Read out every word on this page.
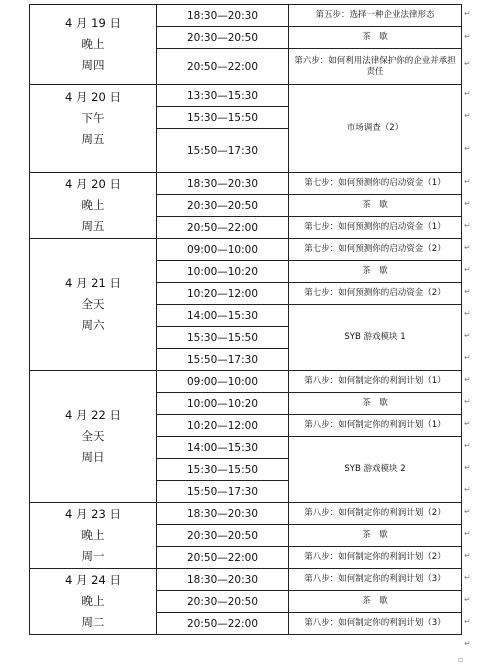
4 月 19 日
晚上
周四	18:30—20:30	第五步：选择一种企业法律形态
	20:30—20:50	茶　歇
	20:50—22:00	第六步：如何利用法律保护你的企业并承担责任

4 月 20 日
下午
周五	13:30—15:30	市场调查（2）
	15:30—15:50	
	15:50—17:30	

4 月 20 日
晚上
周五	18:30—20:30	第七步：如何预测你的启动资金（1）
	20:30—20:50	茶　歇
	20:50—22:00	第七步：如何预测你的启动资金（1）

4 月 21 日
全天
周六	09:00—10:00	第七步：如何预测你的启动资金（2）
	10:00—10:20	茶　歇
	10:20—12:00	第七步：如何预测你的启动资金（2）
	14:00—15:30	SYB 游戏模块 1
	15:30—15:50	
	15:50—17:30	

4 月 22 日
全天
周日	09:00—10:00	第八步：如何制定你的利润计划（1）
	10:00—10:20	茶　歇
	10:20—12:00	第八步：如何制定你的利润计划（1）
	14:00—15:30	SYB 游戏模块 2
	15:30—15:50	
	15:50—17:30	

4 月 23 日
晚上
周一	18:30—20:30	第八步：如何制定你的利润计划（2）
	20:30—20:50	茶　歇
	20:50—22:00	第八步：如何制定你的利润计划（2）

4 月 24 日
晚上
周二	18:30—20:30	第八步：如何制定你的利润计划（3）
	20:30—20:50	茶　歇
	20:50—22:00	第八步：如何制定你的利润计划（3）
↵
↵
↵
↵
↵
↵
↵
↵
↵
↵
↵
↵
↵
↵
↵
↵
↵
↵
↵
↵
↵
↵
↵
↵
↵
↵
↵
↵
▫
